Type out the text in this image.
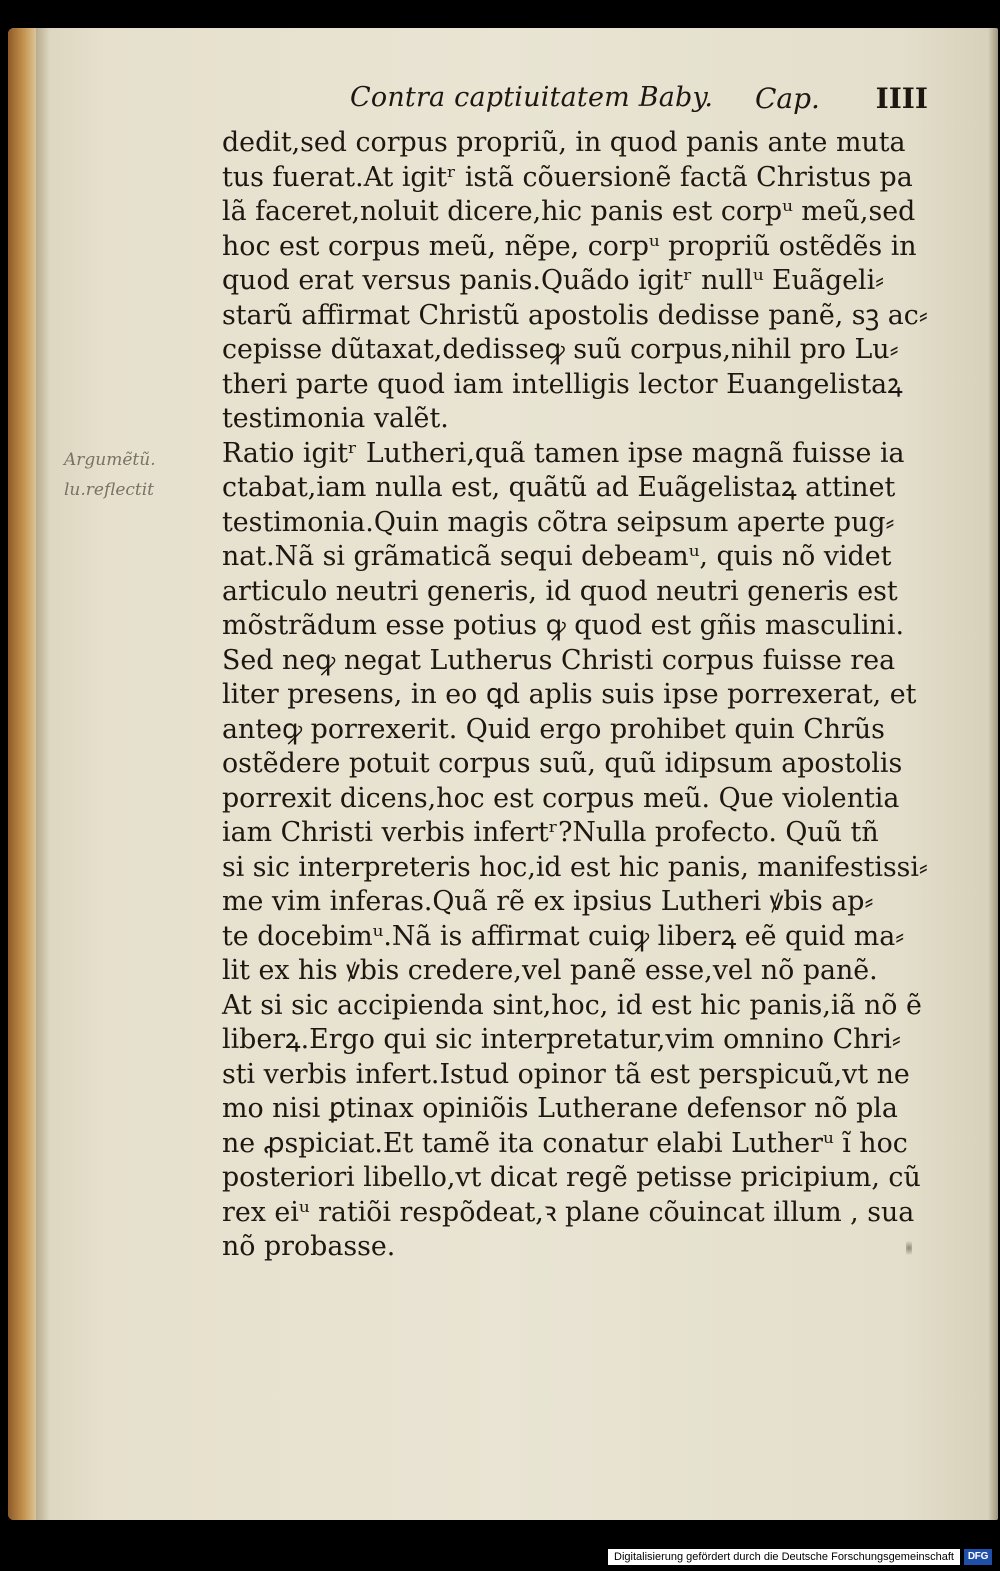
Contra captiuitatem Baby. Cap. IIII
Argumẽtũ.
lu.reflectit
dedit,sed corpus propriũ, in quod panis ante muta
tus fuerat.At igitʳ istã cõuersionẽ factã Christus pa
lã faceret,noluit dicere,hic panis est corpᵘ meũ,sed
hoc est corpus meũ, nẽpe, corpᵘ propriũ ostẽdẽs in
quod erat versus panis.Quãdo igitʳ nullᵘ Euãgeli⸗
starũ affirmat Christũ apostolis dedisse panẽ, sꝫ ac⸗
cepisse dũtaxat,dedisseꝙ suũ corpus,nihil pro Lu⸗
theri parte quod iam intelligis lector Euangelistaꝝ
testimonia valẽt.
Ratio igitʳ Lutheri,quã tamen ipse magnã fuisse ia
ctabat,iam nulla est, quãtũ ad Euãgelistaꝝ attinet
testimonia.Quin magis cõtra seipsum aperte pug⸗
nat.Nã si grãmaticã sequi debeamᵘ, quis nõ videt
articulo neutri generis, id quod neutri generis est
mõstrãdum esse potius ꝙ quod est gñis masculini.
Sed neꝙ negat Lutherus Christi corpus fuisse rea
liter presens, in eo ꝗd aplis suis ipse porrexerat, et
anteꝙ porrexerit. Quid ergo prohibet quin Chrũs
ostẽdere potuit corpus suũ, quũ idipsum apostolis
porrexit dicens,hoc est corpus meũ. Que violentia
iam Christi verbis infertʳ?Nulla profecto. Quũ tñ
si sic interpreteris hoc,id est hic panis, manifestissi⸗
me vim inferas.Quã rẽ ex ipsius Lutheri ꝟbis ap⸗
te docebimᵘ.Nã is affirmat cuiꝙ liberꝝ eẽ quid ma⸗
lit ex his ꝟbis credere,vel panẽ esse,vel nõ panẽ.
At si sic accipienda sint,hoc, id est hic panis,iã nõ ẽ
liberꝝ.Ergo qui sic interpretatur,vim omnino Chri⸗
sti verbis infert.Istud opinor tã est perspicuũ,vt ne
mo nisi ꝑtinax opiniõis Lutherane defensor nõ pla
ne ꝓspiciat.Et tamẽ ita conatur elabi Lutherᵘ ĩ hoc
posteriori libello,vt dicat regẽ petisse pricipium, cũ
rex eiᵘ ratiõi respõdeat,ꝛ plane cõuincat illum , sua
nõ probasse.
Digitalisierung gefördert durch die Deutsche Forschungsgemeinschaft	DFG
